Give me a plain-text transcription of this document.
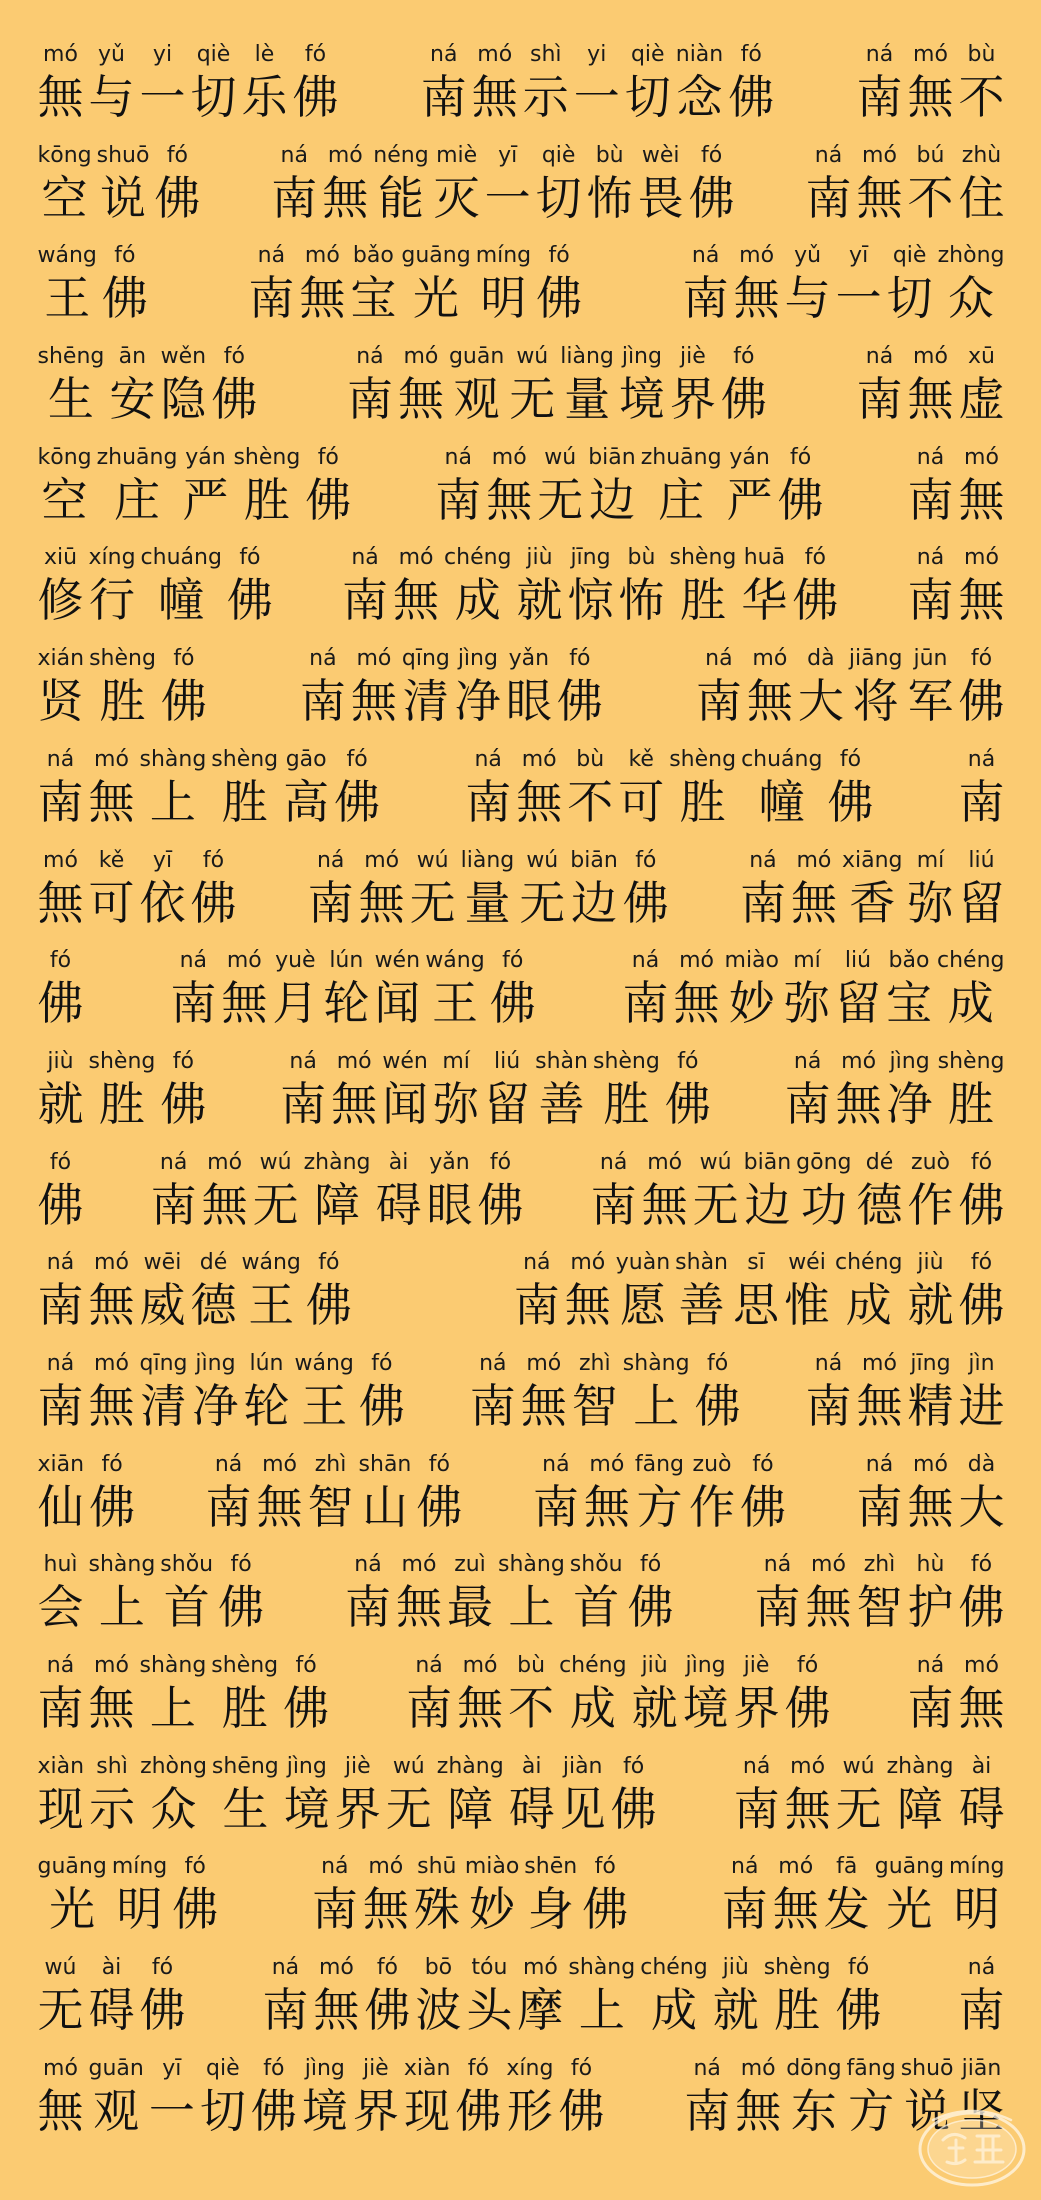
mó
無
yǔ
与
yi
一
qiè
切
lè
乐
fó
佛
ná
南
mó
無
shì
示
yi
一
qiè
切
niàn
念
fó
佛
ná
南
mó
無
bù
不
kōng
空
shuō
说
fó
佛
ná
南
mó
無
néng
能
miè
灭
yī
一
qiè
切
bù
怖
wèi
畏
fó
佛
ná
南
mó
無
bú
不
zhù
住
wáng
王
fó
佛
ná
南
mó
無
bǎo
宝
guāng
光
míng
明
fó
佛
ná
南
mó
無
yǔ
与
yī
一
qiè
切
zhòng
众
shēng
生
ān
安
wěn
隐
fó
佛
ná
南
mó
無
guān
观
wú
无
liàng
量
jìng
境
jiè
界
fó
佛
ná
南
mó
無
xū
虚
kōng
空
zhuāng
庄
yán
严
shèng
胜
fó
佛
ná
南
mó
無
wú
无
biān
边
zhuāng
庄
yán
严
fó
佛
ná
南
mó
無
xiū
修
xíng
行
chuáng
幢
fó
佛
ná
南
mó
無
chéng
成
jiù
就
jīng
惊
bù
怖
shèng
胜
huā
华
fó
佛
ná
南
mó
無
xián
贤
shèng
胜
fó
佛
ná
南
mó
無
qīng
清
jìng
净
yǎn
眼
fó
佛
ná
南
mó
無
dà
大
jiāng
将
jūn
军
fó
佛
ná
南
mó
無
shàng
上
shèng
胜
gāo
高
fó
佛
ná
南
mó
無
bù
不
kě
可
shèng
胜
chuáng
幢
fó
佛
ná
南
mó
無
kě
可
yī
依
fó
佛
ná
南
mó
無
wú
无
liàng
量
wú
无
biān
边
fó
佛
ná
南
mó
無
xiāng
香
mí
弥
liú
留
fó
佛
ná
南
mó
無
yuè
月
lún
轮
wén
闻
wáng
王
fó
佛
ná
南
mó
無
miào
妙
mí
弥
liú
留
bǎo
宝
chéng
成
jiù
就
shèng
胜
fó
佛
ná
南
mó
無
wén
闻
mí
弥
liú
留
shàn
善
shèng
胜
fó
佛
ná
南
mó
無
jìng
净
shèng
胜
fó
佛
ná
南
mó
無
wú
无
zhàng
障
ài
碍
yǎn
眼
fó
佛
ná
南
mó
無
wú
无
biān
边
gōng
功
dé
德
zuò
作
fó
佛
ná
南
mó
無
wēi
威
dé
德
wáng
王
fó
佛
ná
南
mó
無
yuàn
愿
shàn
善
sī
思
wéi
惟
chéng
成
jiù
就
fó
佛
ná
南
mó
無
qīng
清
jìng
净
lún
轮
wáng
王
fó
佛
ná
南
mó
無
zhì
智
shàng
上
fó
佛
ná
南
mó
無
jīng
精
jìn
进
xiān
仙
fó
佛
ná
南
mó
無
zhì
智
shān
山
fó
佛
ná
南
mó
無
fāng
方
zuò
作
fó
佛
ná
南
mó
無
dà
大
huì
会
shàng
上
shǒu
首
fó
佛
ná
南
mó
無
zuì
最
shàng
上
shǒu
首
fó
佛
ná
南
mó
無
zhì
智
hù
护
fó
佛
ná
南
mó
無
shàng
上
shèng
胜
fó
佛
ná
南
mó
無
bù
不
chéng
成
jiù
就
jìng
境
jiè
界
fó
佛
ná
南
mó
無
xiàn
现
shì
示
zhòng
众
shēng
生
jìng
境
jiè
界
wú
无
zhàng
障
ài
碍
jiàn
见
fó
佛
ná
南
mó
無
wú
无
zhàng
障
ài
碍
guāng
光
míng
明
fó
佛
ná
南
mó
無
shū
殊
miào
妙
shēn
身
fó
佛
ná
南
mó
無
fā
发
guāng
光
míng
明
wú
无
ài
碍
fó
佛
ná
南
mó
無
fó
佛
bō
波
tóu
头
mó
摩
shàng
上
chéng
成
jiù
就
shèng
胜
fó
佛
ná
南
mó
無
guān
观
yī
一
qiè
切
fó
佛
jìng
境
jiè
界
xiàn
现
fó
佛
xíng
形
fó
佛
ná
南
mó
無
dōng
东
fāng
方
shuō
说
jiān
坚
